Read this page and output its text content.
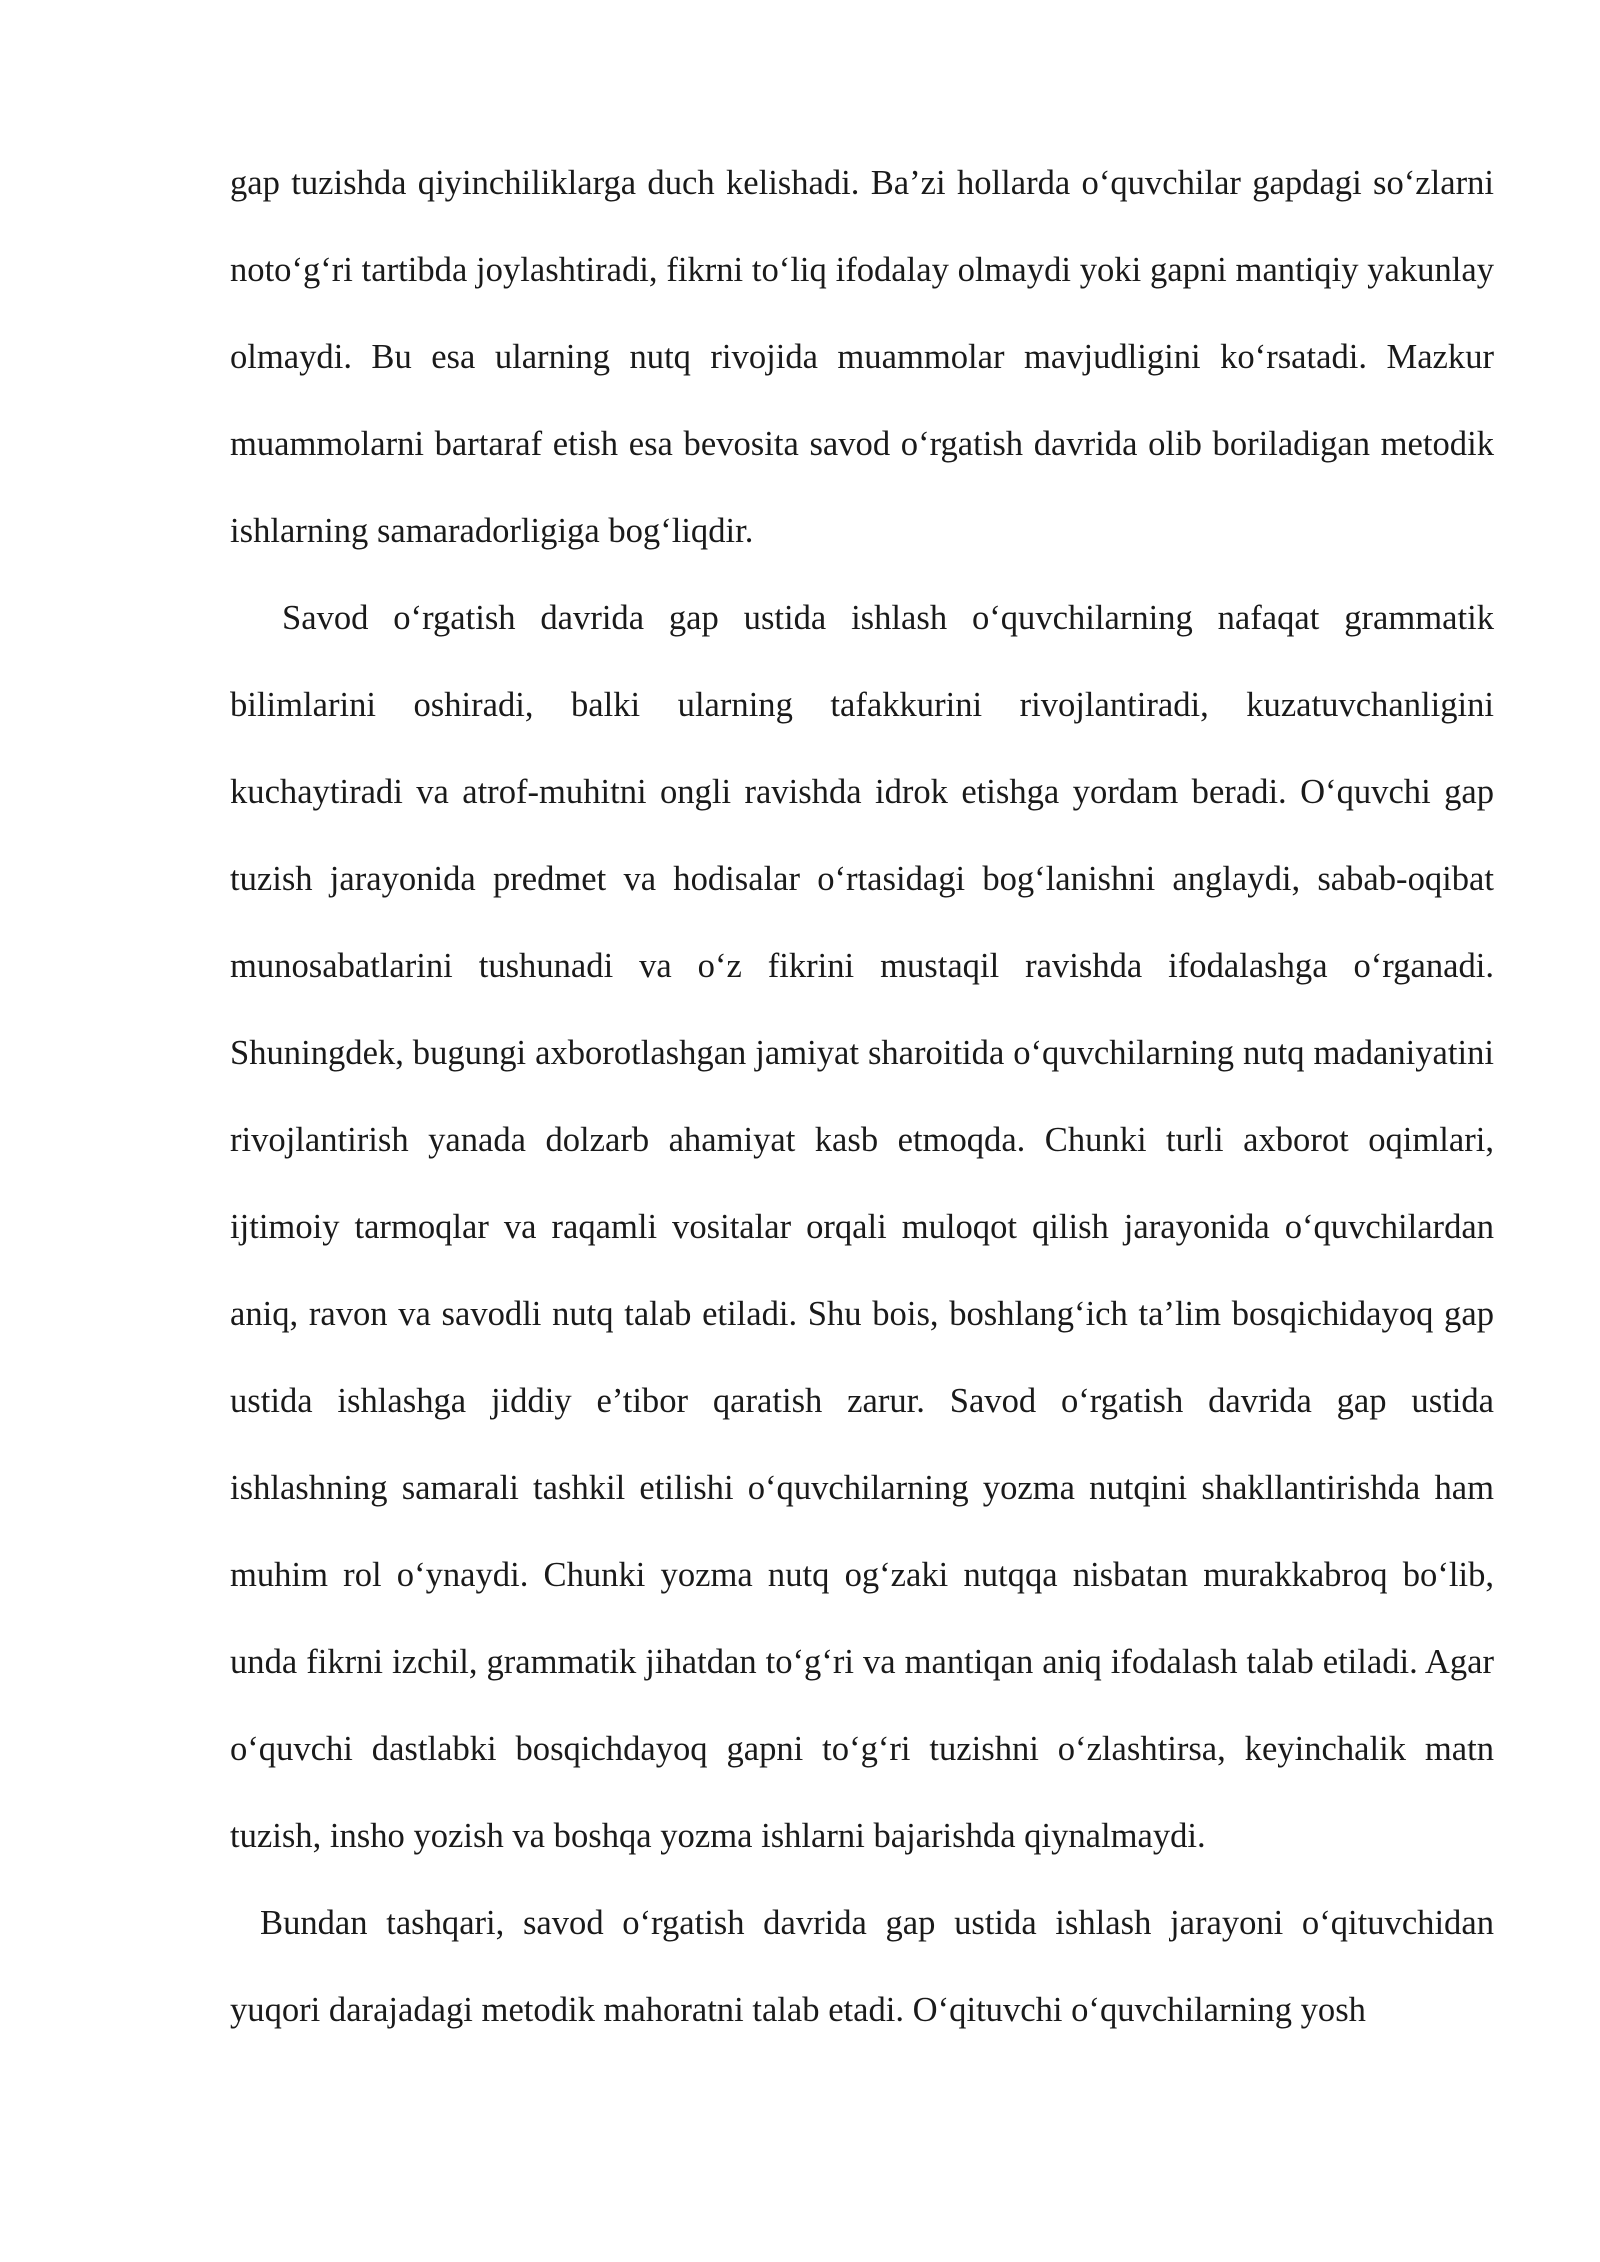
gap tuzishda qiyinchiliklarga duch kelishadi. Ba’zi hollarda o‘quvchilar gapdagi so‘zlarni noto‘g‘ri tartibda joylashtiradi, fikrni to‘liq ifodalay olmaydi yoki gapni mantiqiy yakunlay olmaydi. Bu esa ularning nutq rivojida muammolar mavjudligini ko‘rsatadi. Mazkur muammolarni bartaraf etish esa bevosita savod o‘rgatish davrida olib boriladigan metodik ishlarning samaradorligiga bog‘liqdir.

Savod o‘rgatish davrida gap ustida ishlash o‘quvchilarning nafaqat grammatik bilimlarini oshiradi, balki ularning tafakkurini rivojlantiradi, kuzatuvchanligini kuchaytiradi va atrof-muhitni ongli ravishda idrok etishga yordam beradi. O‘quvchi gap tuzish jarayonida predmet va hodisalar o‘rtasidagi bog‘lanishni anglaydi, sabab-oqibat munosabatlarini tushunadi va o‘z fikrini mustaqil ravishda ifodalashga o‘rganadi. Shuningdek, bugungi axborotlashgan jamiyat sharoitida o‘quvchilarning nutq madaniyatini rivojlantirish yanada dolzarb ahamiyat kasb etmoqda. Chunki turli axborot oqimlari, ijtimoiy tarmoqlar va raqamli vositalar orqali muloqot qilish jarayonida o‘quvchilardan aniq, ravon va savodli nutq talab etiladi. Shu bois, boshlang‘ich ta’lim bosqichidayoq gap ustida ishlashga jiddiy e’tibor qaratish zarur. Savod o‘rgatish davrida gap ustida ishlashning samarali tashkil etilishi o‘quvchilarning yozma nutqini shakllantirishda ham muhim rol o‘ynaydi. Chunki yozma nutq og‘zaki nutqqa nisbatan murakkabroq bo‘lib, unda fikrni izchil, grammatik jihatdan to‘g‘ri va mantiqan aniq ifodalash talab etiladi. Agar o‘quvchi dastlabki bosqichdayoq gapni to‘g‘ri tuzishni o‘zlashtirsa, keyinchalik matn tuzish, insho yozish va boshqa yozma ishlarni bajarishda qiynalmaydi.

Bundan tashqari, savod o‘rgatish davrida gap ustida ishlash jarayoni o‘qituvchidan yuqori darajadagi metodik mahoratni talab etadi. O‘qituvchi o‘quvchilarning yosh
